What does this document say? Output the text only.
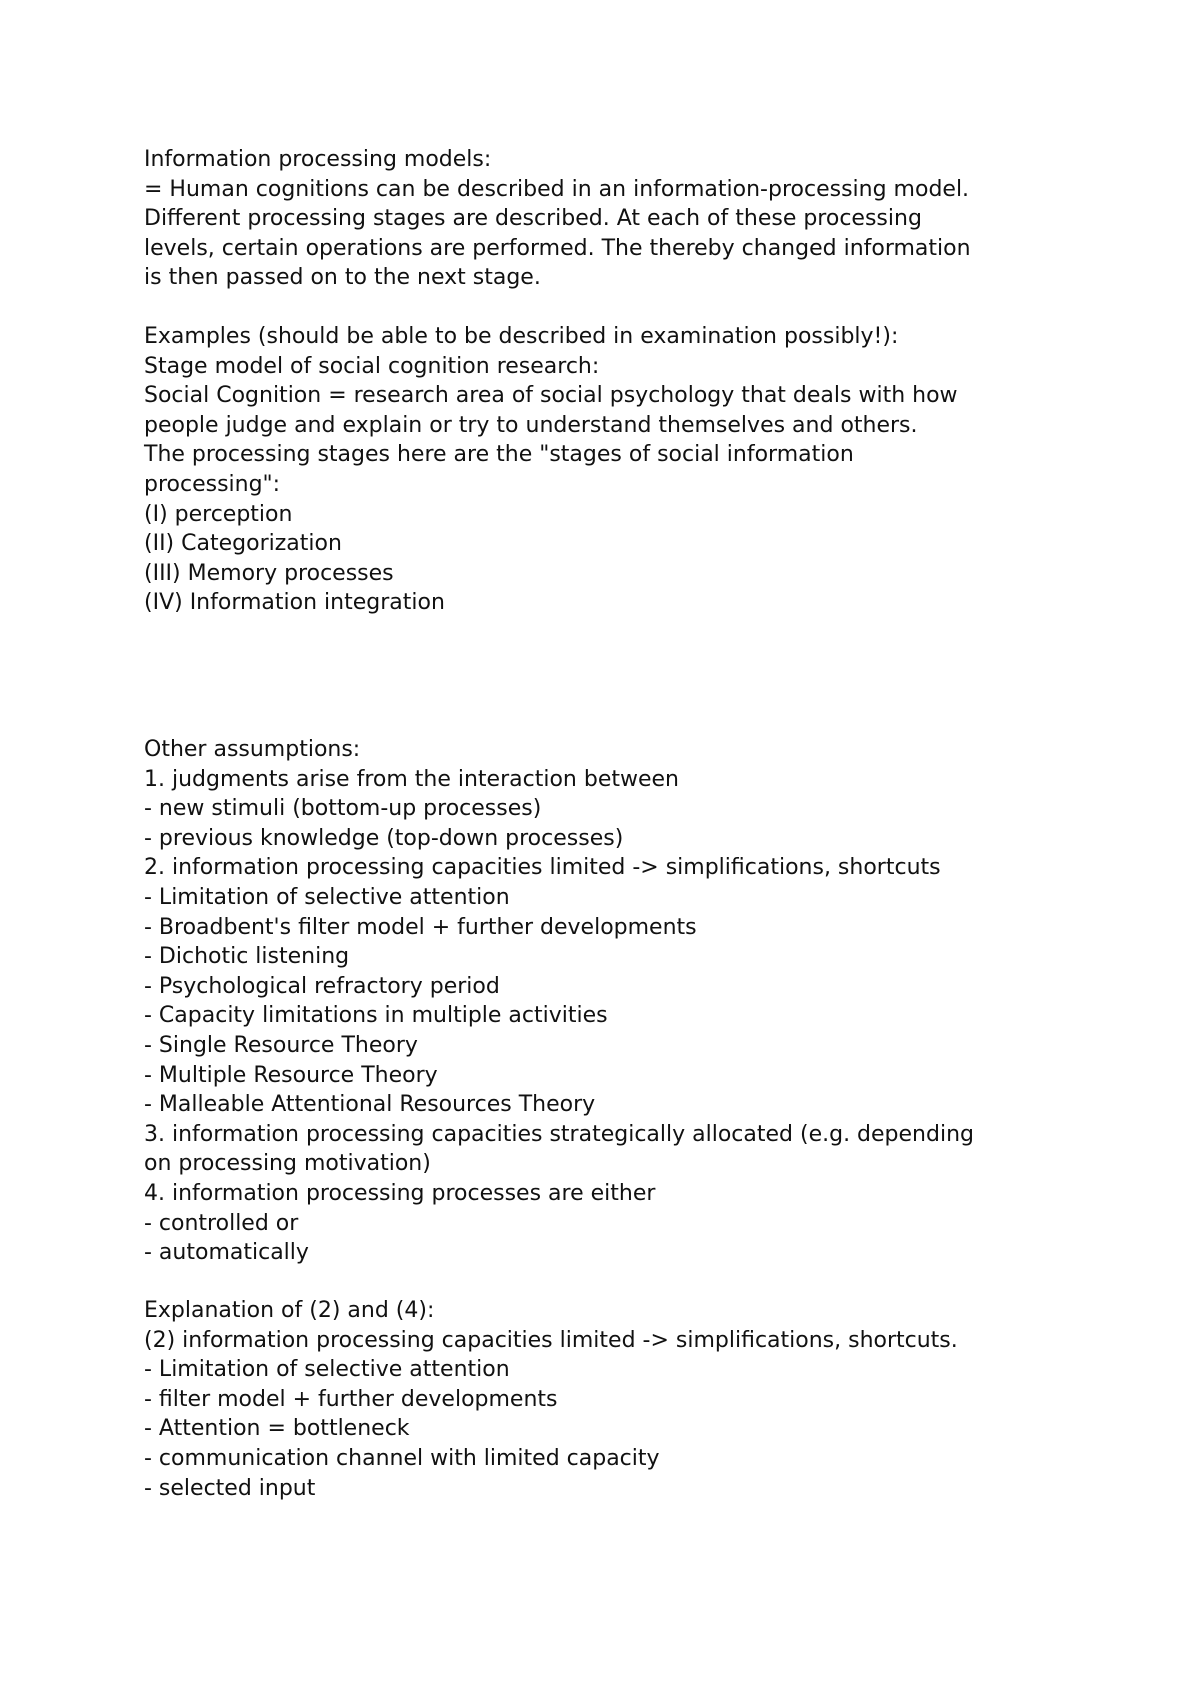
Information processing models:
= Human cognitions can be described in an information-processing model.
Different processing stages are described. At each of these processing
levels, certain operations are performed. The thereby changed information
is then passed on to the next stage.
Examples (should be able to be described in examination possibly!):
Stage model of social cognition research:
Social Cognition = research area of social psychology that deals with how
people judge and explain or try to understand themselves and others.
The processing stages here are the "stages of social information
processing":
(I) perception
(II) Categorization
(III) Memory processes
(IV) Information integration
Other assumptions:
1. judgments arise from the interaction between
- new stimuli (bottom-up processes)
- previous knowledge (top-down processes)
2. information processing capacities limited -> simplifications, shortcuts
- Limitation of selective attention
- Broadbent's filter model + further developments
- Dichotic listening
- Psychological refractory period
- Capacity limitations in multiple activities
- Single Resource Theory
- Multiple Resource Theory
- Malleable Attentional Resources Theory
3. information processing capacities strategically allocated (e.g. depending
on processing motivation)
4. information processing processes are either
- controlled or
- automatically
Explanation of (2) and (4):
(2) information processing capacities limited -> simplifications, shortcuts.
- Limitation of selective attention
- filter model + further developments
- Attention = bottleneck
- communication channel with limited capacity
- selected input
